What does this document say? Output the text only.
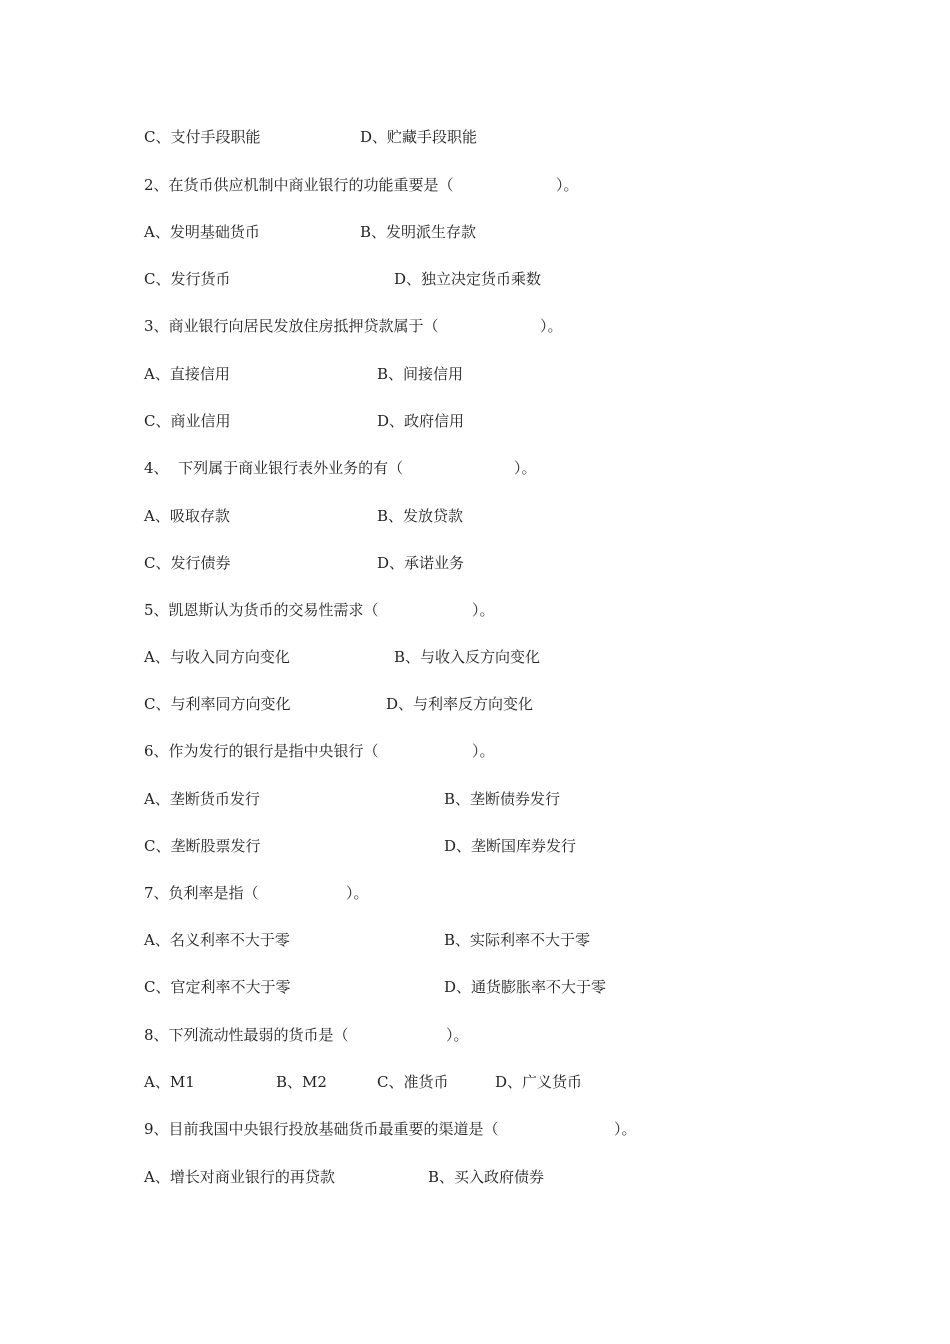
C、支付手段职能

	D、贮藏手段职能

2、在货币供应机制中商业银行的功能重要是（

	）。

A、发明基础货币

	B、发明派生存款

C、发行货币

	D、独立决定货币乘数

3、商业银行向居民发放住房抵押贷款属于（

	）。

A、直接信用

	B、间接信用

C、商业信用

	D、政府信用

4、  下列属于商业银行表外业务的有（

	）。

A、吸取存款

	B、发放贷款

C、发行债券

	D、承诺业务

5、凯恩斯认为货币的交易性需求（

	）。

A、与收入同方向变化

	B、与收入反方向变化

C、与利率同方向变化

	D、与利率反方向变化

6、作为发行的银行是指中央银行（

	）。

A、垄断货币发行

	B、垄断债券发行

C、垄断股票发行

	D、垄断国库券发行

7、负利率是指（

	）。

A、名义利率不大于零

	B、实际利率不大于零

C、官定利率不大于零

	D、通货膨胀率不大于零

8、下列流动性最弱的货币是（

	）。

A、M1

	B、M2

	C、准货币

	D、广义货币

9、目前我国中央银行投放基础货币最重要的渠道是（

	）。

A、增长对商业银行的再贷款

	B、买入政府债券
